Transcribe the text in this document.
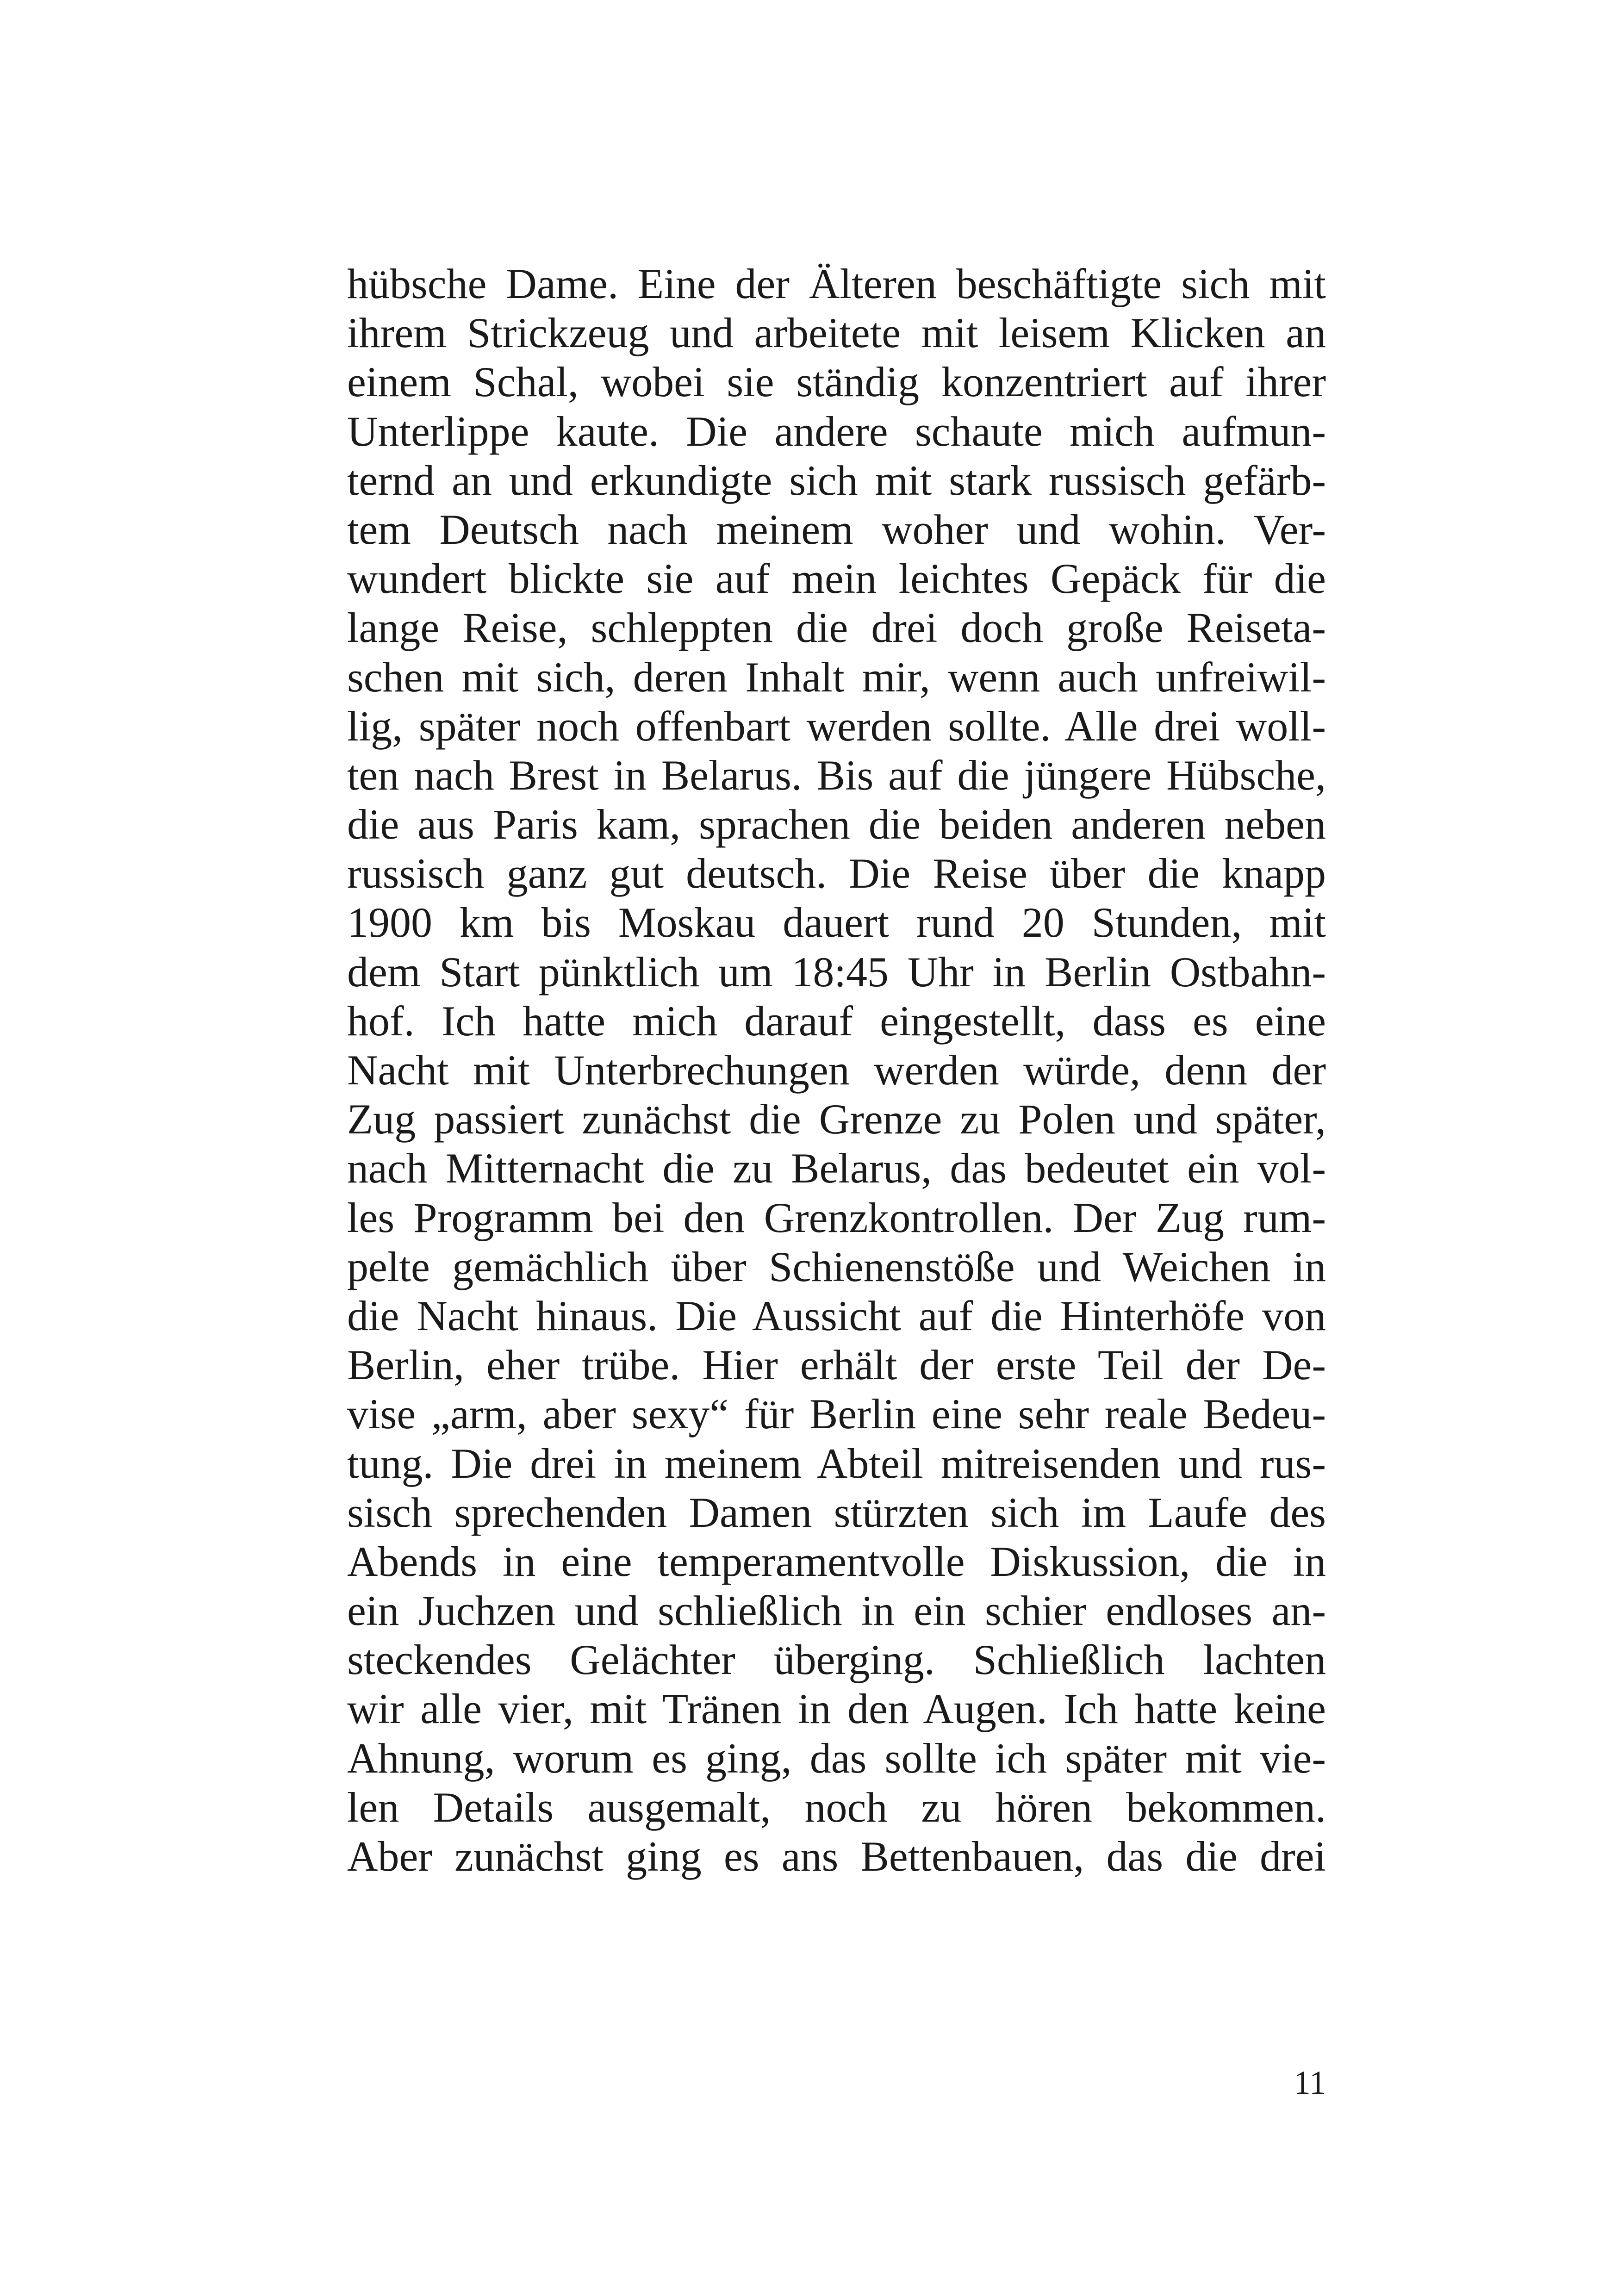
hübsche Dame. Eine der Älteren beschäftigte sich mit
ihrem Strickzeug und arbeitete mit leisem Klicken an
einem Schal, wobei sie ständig konzentriert auf ihrer
Unterlippe kaute. Die andere schaute mich aufmun-
ternd an und erkundigte sich mit stark russisch gefärb-
tem Deutsch nach meinem woher und wohin. Ver-
wundert blickte sie auf mein leichtes Gepäck für die
lange Reise, schleppten die drei doch große Reiseta-
schen mit sich, deren Inhalt mir, wenn auch unfreiwil-
lig, später noch offenbart werden sollte. Alle drei woll-
ten nach Brest in Belarus. Bis auf die jüngere Hübsche,
die aus Paris kam, sprachen die beiden anderen neben
russisch ganz gut deutsch. Die Reise über die knapp
1900 km bis Moskau dauert rund 20 Stunden, mit
dem Start pünktlich um 18:45 Uhr in Berlin Ostbahn-
hof. Ich hatte mich darauf eingestellt, dass es eine
Nacht mit Unterbrechungen werden würde, denn der
Zug passiert zunächst die Grenze zu Polen und später,
nach Mitternacht die zu Belarus, das bedeutet ein vol-
les Programm bei den Grenzkontrollen. Der Zug rum-
pelte gemächlich über Schienenstöße und Weichen in
die Nacht hinaus. Die Aussicht auf die Hinterhöfe von
Berlin, eher trübe. Hier erhält der erste Teil der De-
vise „arm, aber sexy“ für Berlin eine sehr reale Bedeu-
tung. Die drei in meinem Abteil mitreisenden und rus-
sisch sprechenden Damen stürzten sich im Laufe des
Abends in eine temperamentvolle Diskussion, die in
ein Juchzen und schließlich in ein schier endloses an-
steckendes Gelächter überging. Schließlich lachten
wir alle vier, mit Tränen in den Augen. Ich hatte keine
Ahnung, worum es ging, das sollte ich später mit vie-
len Details ausgemalt, noch zu hören bekommen.
Aber zunächst ging es ans Bettenbauen, das die drei
11
